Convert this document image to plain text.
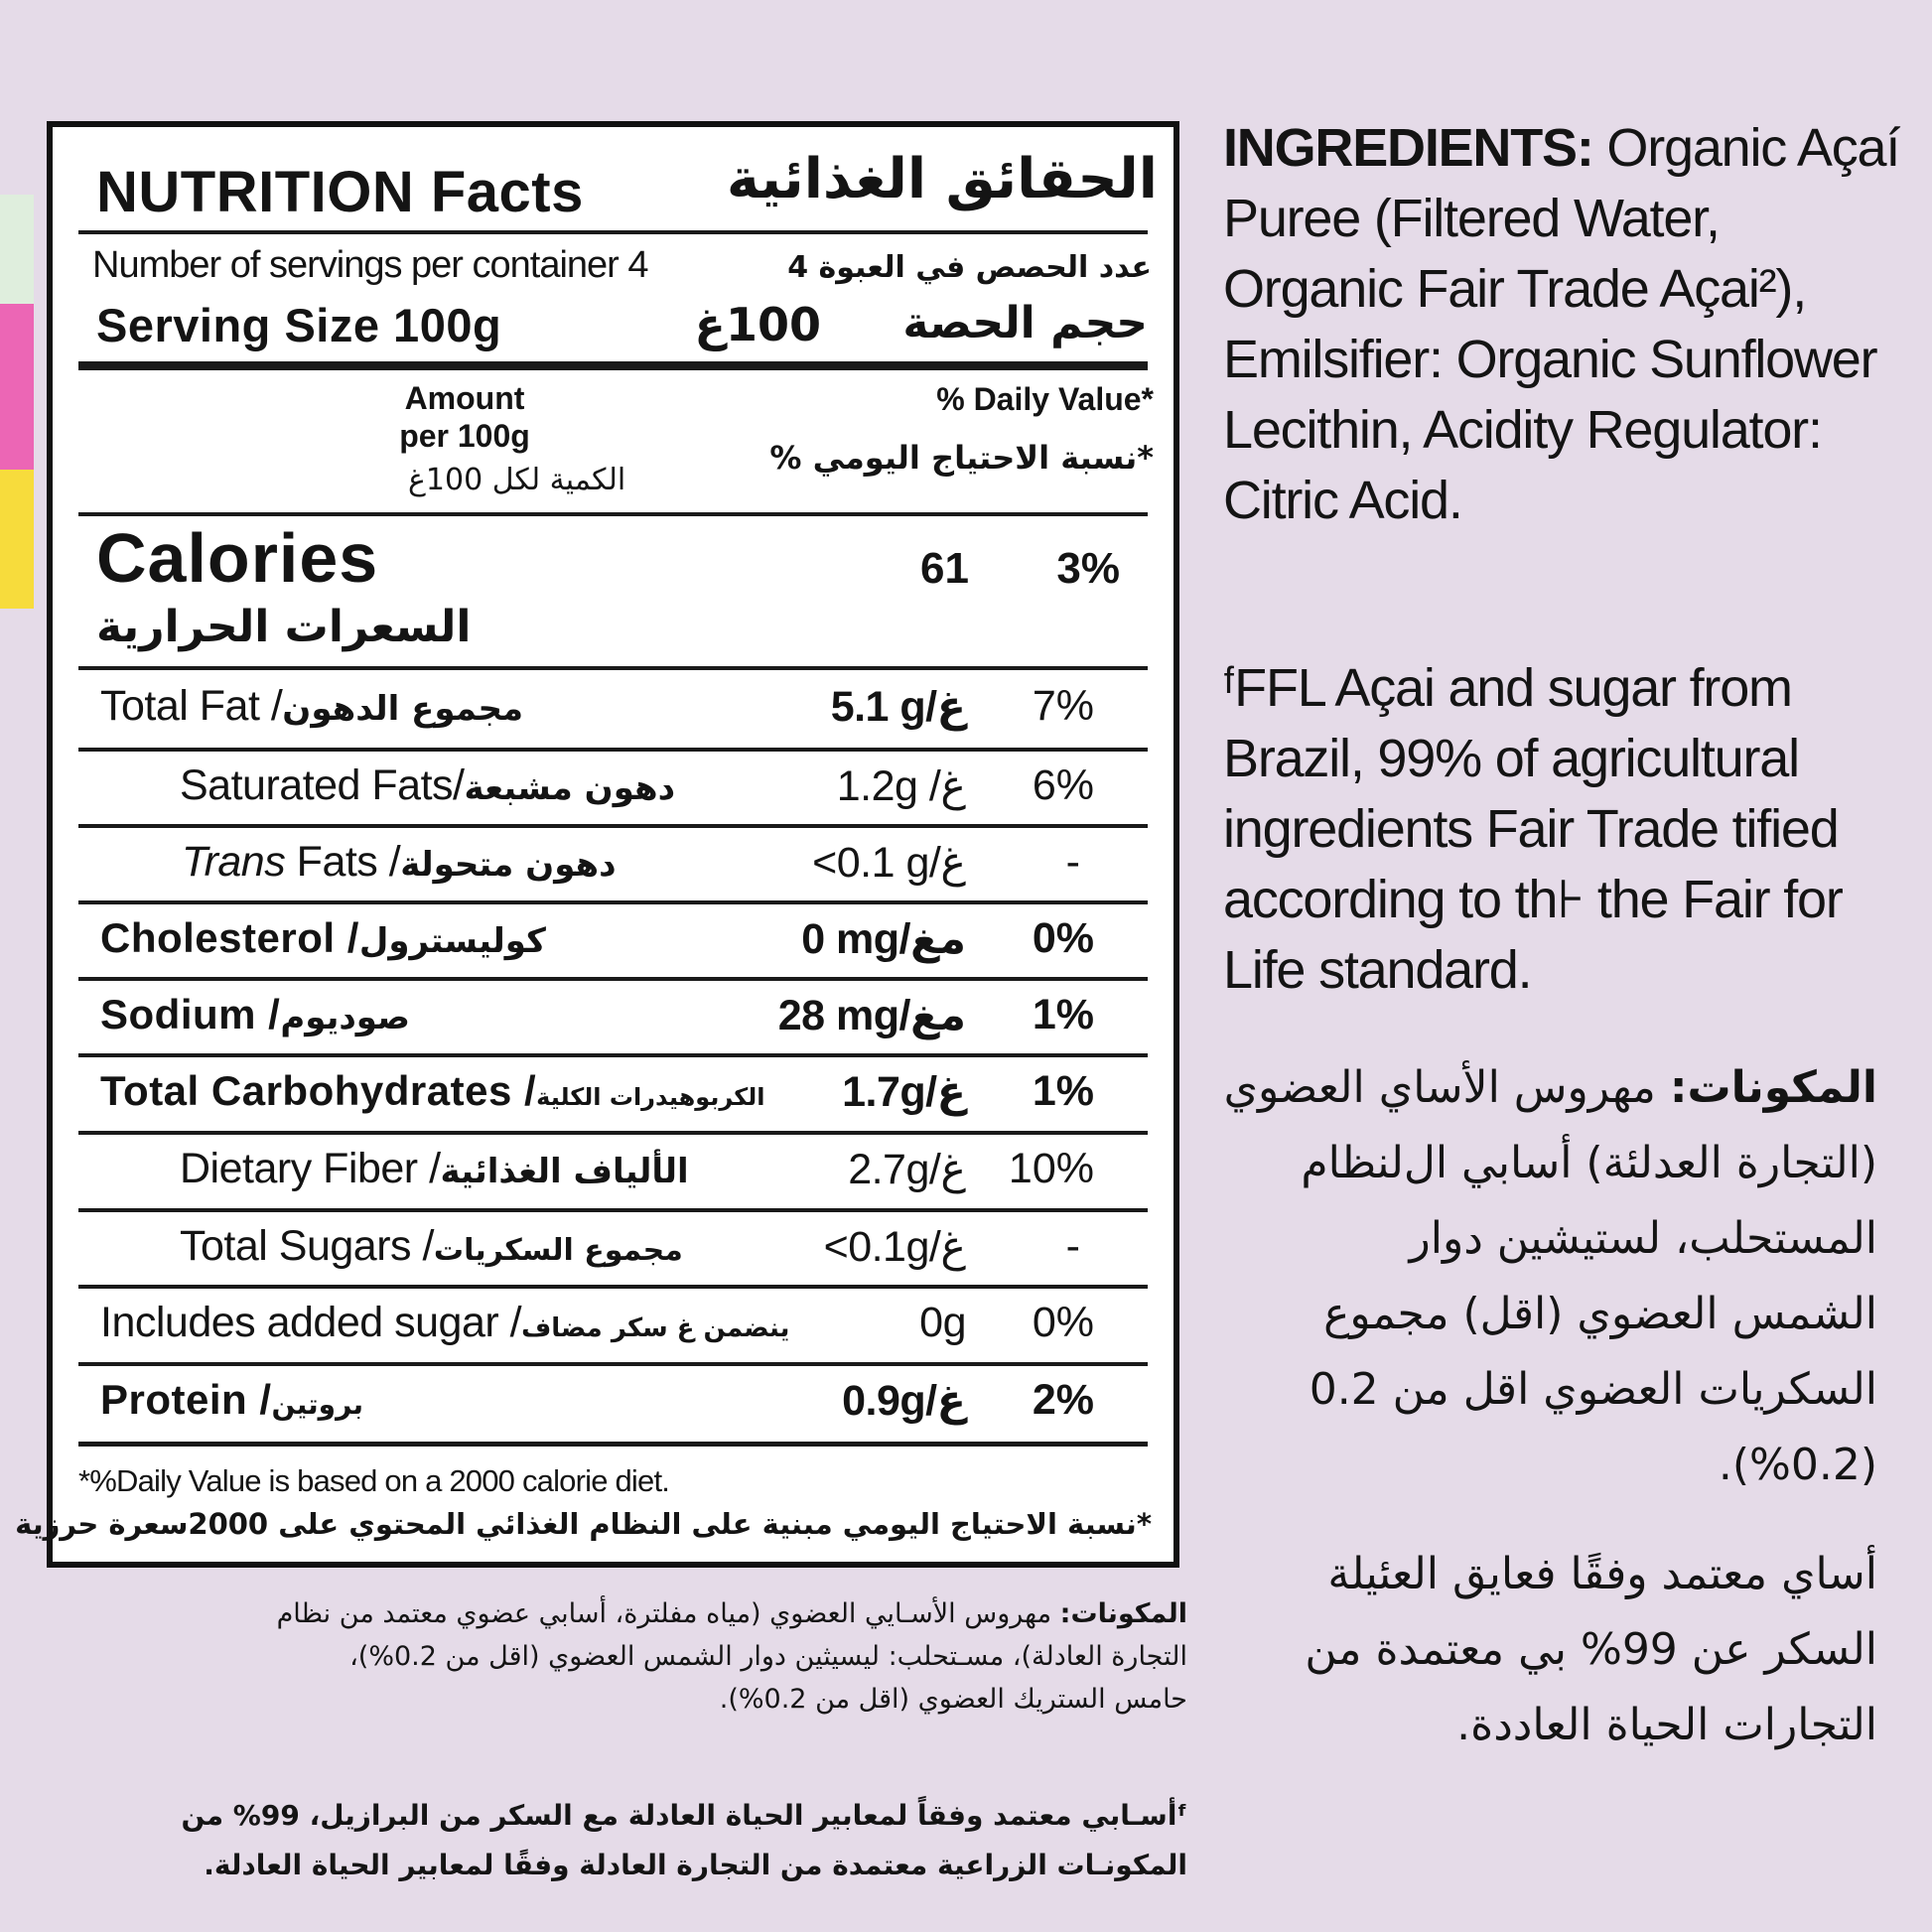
NUTRITION Facts	الحقائق الغذائية
Number of servings per container 4	عدد الحصص في العبوة 4
Serving Size 100g	100غ حجم الحصة
Amount
per 100g
الكمية لكل 100غ
% Daily Value*
*نسبة الاحتياج اليومي %
Calories
السعرات الحرارية
61 3%
Total Fat /مجموع الدهون	5.1 g/غ 7%
Saturated Fats/دهون مشبعة	1.2g /غ 6%
Trans Fats /دهون متحولة	<0.1 g/غ -
Cholesterol /كوليسترول	0 mg/مغ 0%
Sodium /صوديوم	28 mg/مغ 1%
Total Carbohydrates /الكربوهيدرات الكلية 1.7g/غ 1%
Dietary Fiber /الألياف الغذائية	2.7g/غ 10%
Total Sugars /مجموع السكريات	<0.1g/غ -
Includes added sugar /ينضمن غ سكر مضاف	0g 0%
Protein /بروتين	0.9g/غ 2%
*%Daily Value is based on a 2000 calorie diet.
*نسبة الاحتياج اليومي مبنية على النظام الغذائي المحتوي على 2000سعرة حرزية
INGREDIENTS: Organic Açaí
Puree (Filtered Water,
Organic Fair Trade Açai²),
Emilsifier: Organic Sunflower
Lecithin, Acidity Regulator:
Citric Acid.
ᶠFFL Açai and sugar from
Brazil, 99% of agricultural
ingredients Fair Trade tified
according to th⊦ the Fair for
Life standard.
المكونات: مهروس الأساي العضوي
(التجارة العدلئة) أسابي ال‌لنظام
المستحلب، لستيشين دوار
الشمس العضوي (اقل) مجموع
السكريات العضوي اقل من 0.2
(%0.2).
أساي معتمد وفقًا فعايق العئيلة
السكر عن 99% بي معتمدة من
التجارات الحياة العاددة.
المكونات: مهروس الأسـايي العضوي (مياه مفلترة، أسابي عضوي معتمد من نظام
التجارة العادلة)، مسـتحلب: ليسيثين دوار الشمس العضوي (اقل من 0.2%)،
حامس الستريك العضوي (اقل من 0.2%).
ᶠأسـابي معتمد وفقاً لمعابير الحياة العادلة مع السكر من البرازيل، 99% من
المكونـات الزراعية معتمدة من التجارة العادلة وفقًا لمعابير الحياة العادلة.
